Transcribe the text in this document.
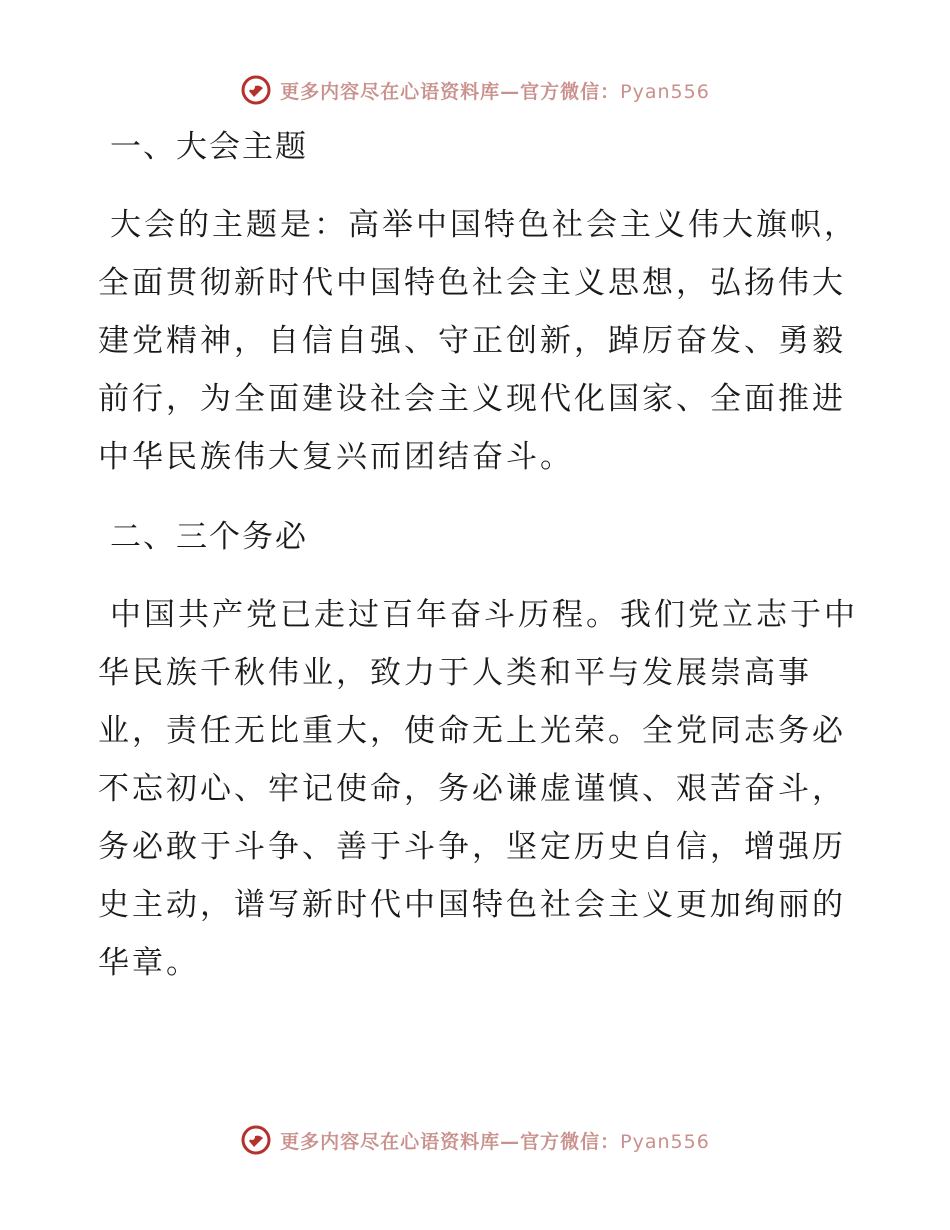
更多内容尽在心语资料库—官方微信：Pyan556
一、大会主题

大会的主题是：高举中国特色社会主义伟大旗帜，全面贯彻新时代中国特色社会主义思想，弘扬伟大建党精神，自信自强、守正创新，踔厉奋发、勇毅前行，为全面建设社会主义现代化国家、全面推进中华民族伟大复兴而团结奋斗。

二、三个务必

中国共产党已走过百年奋斗历程。我们党立志于中华民族千秋伟业，致力于人类和平与发展崇高事业，责任无比重大，使命无上光荣。全党同志务必不忘初心、牢记使命，务必谦虚谨慎、艰苦奋斗，务必敢于斗争、善于斗争，坚定历史自信，增强历史主动，谱写新时代中国特色社会主义更加绚丽的华章。

更多内容尽在心语资料库—官方微信：Pyan556
